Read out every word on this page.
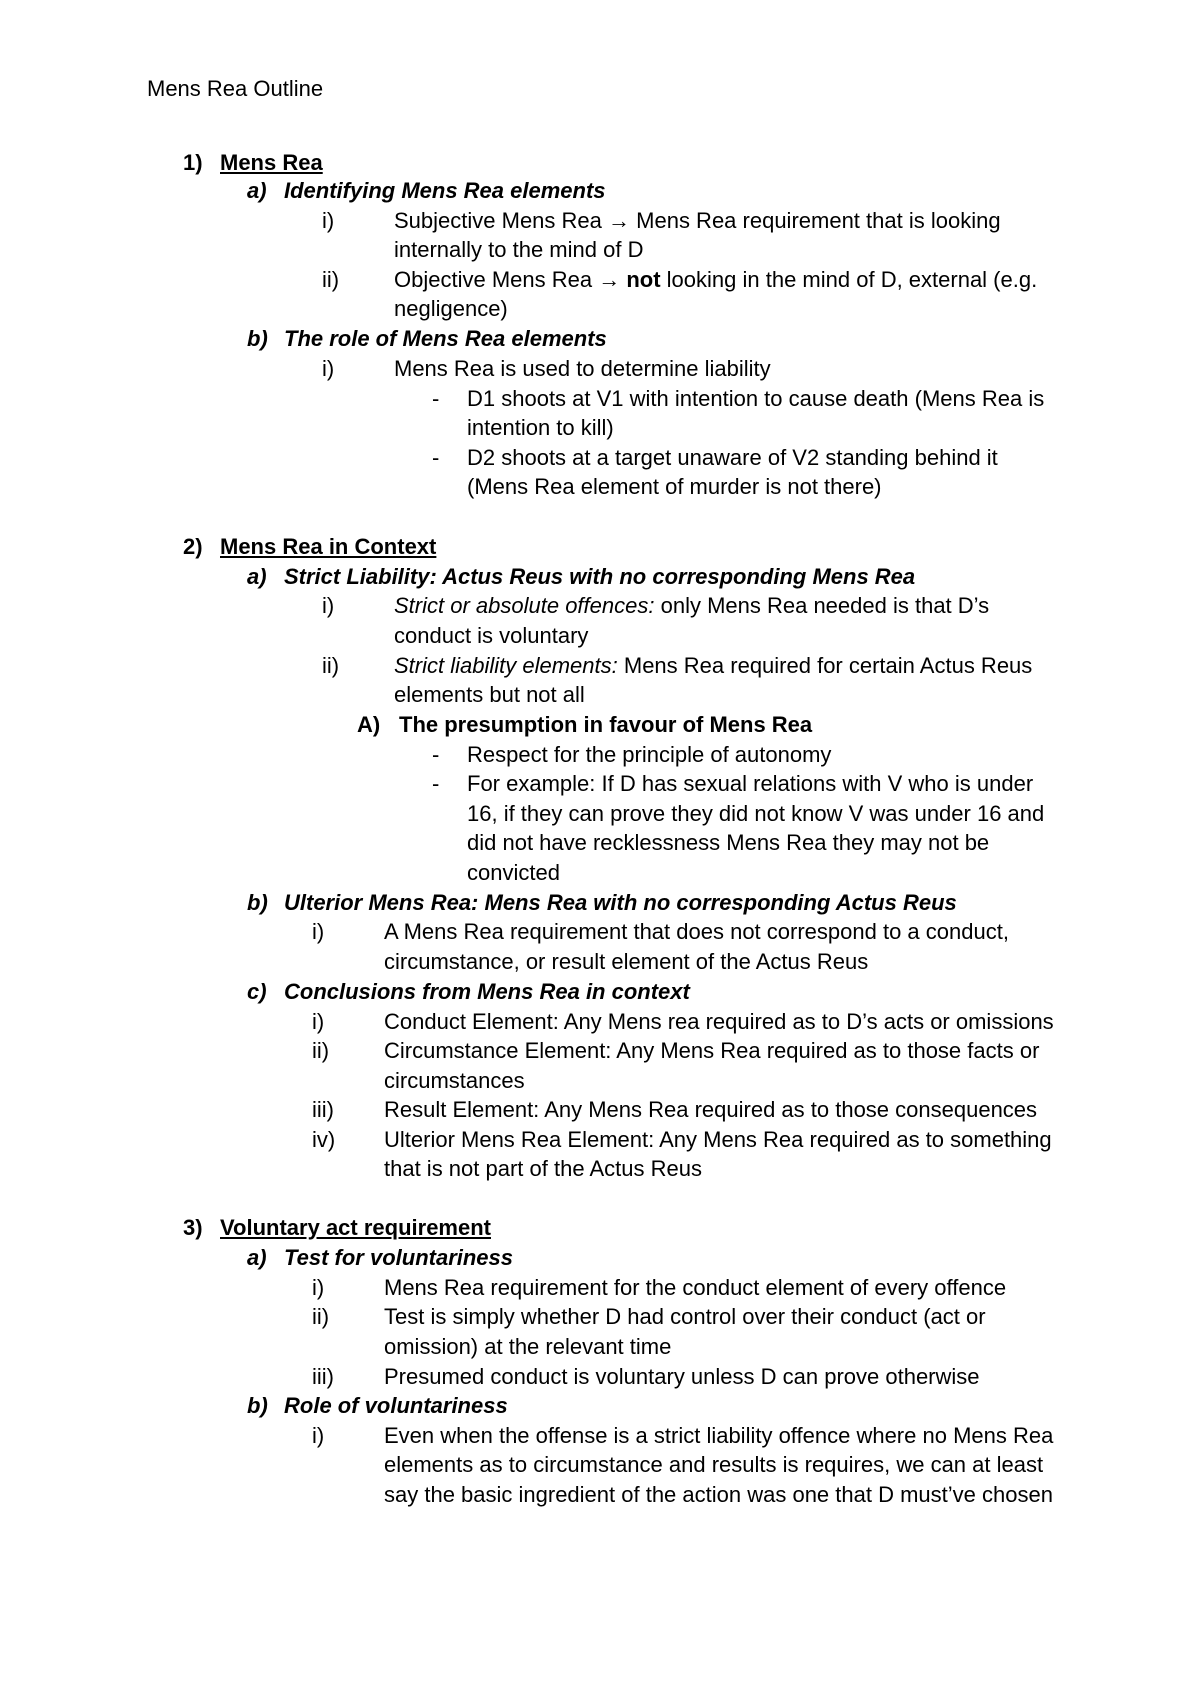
Mens Rea Outline
1) Mens Rea
a) Identifying Mens Rea elements
i)	Subjective Mens Rea → Mens Rea requirement that is looking
internally to the mind of D
ii) Objective Mens Rea → not looking in the mind of D, external (e.g.
negligence)
b) The role of Mens Rea elements
i)	Mens Rea is used to determine liability
- D1 shoots at V1 with intention to cause death (Mens Rea is
intention to kill)
- D2 shoots at a target unaware of V2 standing behind it
(Mens Rea element of murder is not there)
2) Mens Rea in Context
a) Strict Liability: Actus Reus with no corresponding Mens Rea
i)	Strict or absolute offences: only Mens Rea needed is that D’s
conduct is voluntary
ii) Strict liability elements: Mens Rea required for certain Actus Reus
elements but not all
A) The presumption in favour of Mens Rea
- Respect for the principle of autonomy
- For example: If D has sexual relations with V who is under
16, if they can prove they did not know V was under 16 and
did not have recklessness Mens Rea they may not be
convicted
b) Ulterior Mens Rea: Mens Rea with no corresponding Actus Reus
i)	A Mens Rea requirement that does not correspond to a conduct,
circumstance, or result element of the Actus Reus
c) Conclusions from Mens Rea in context
i)	Conduct Element: Any Mens rea required as to D’s acts or omissions
ii) Circumstance Element: Any Mens Rea required as to those facts or
circumstances
iii) Result Element: Any Mens Rea required as to those consequences
iv) Ulterior Mens Rea Element: Any Mens Rea required as to something
that is not part of the Actus Reus
3) Voluntary act requirement
a) Test for voluntariness
i)	Mens Rea requirement for the conduct element of every offence
ii) Test is simply whether D had control over their conduct (act or
omission) at the relevant time
iii) Presumed conduct is voluntary unless D can prove otherwise
b) Role of voluntariness
i)	Even when the offense is a strict liability offence where no Mens Rea
elements as to circumstance and results is requires, we can at least
say the basic ingredient of the action was one that D must’ve chosen
